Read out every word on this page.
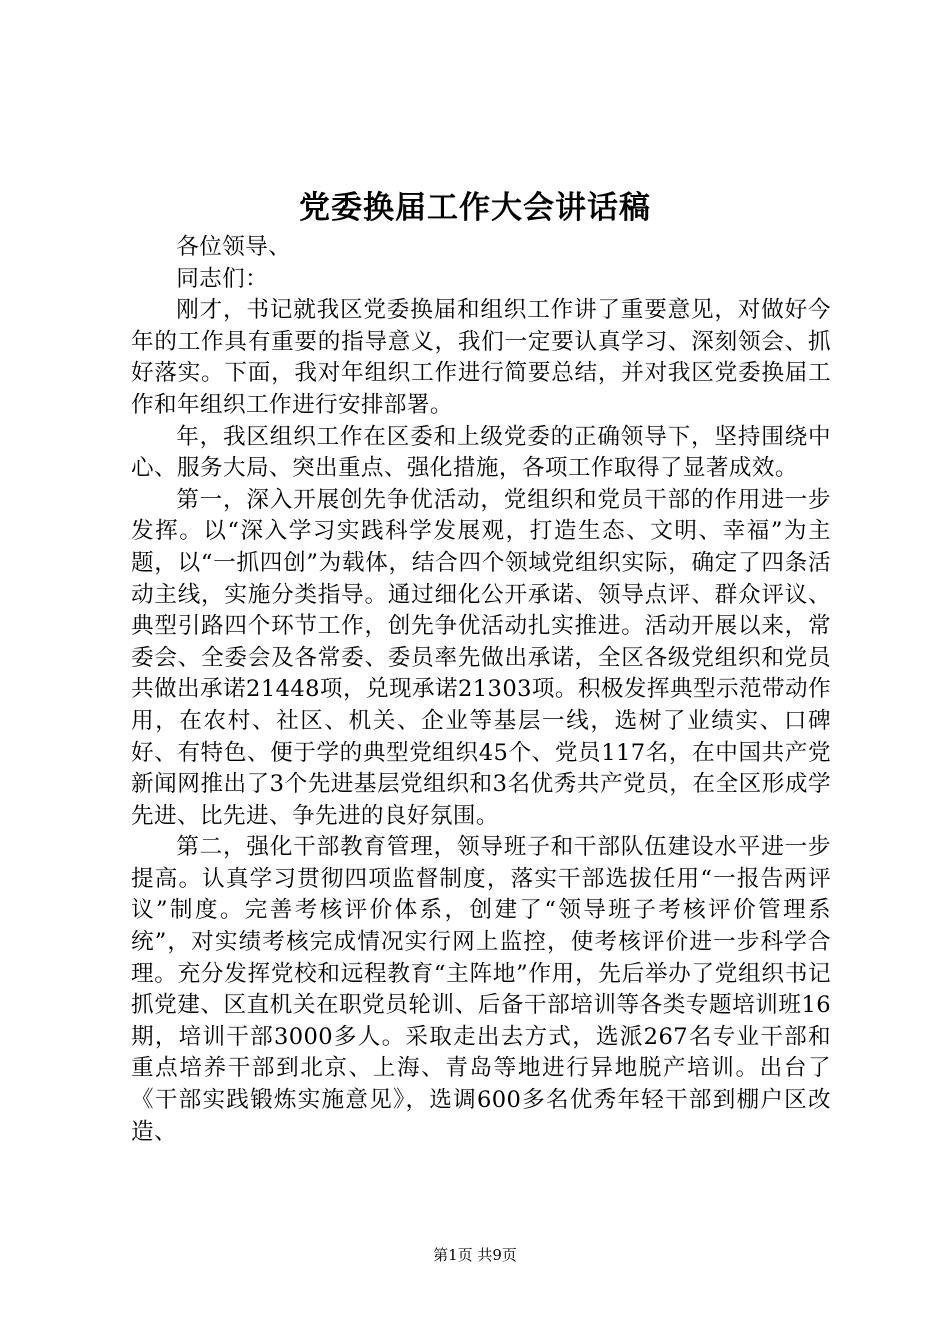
党委换届工作大会讲话稿

各位领导、

同志们：

刚才，书记就我区党委换届和组织工作讲了重要意见，对做好今年的工作具有重要的指导意义，我们一定要认真学习、深刻领会、抓好落实。下面，我对年组织工作进行简要总结，并对我区党委换届工作和年组织工作进行安排部署。

年，我区组织工作在区委和上级党委的正确领导下，坚持围绕中心、服务大局、突出重点、强化措施，各项工作取得了显著成效。

第一，深入开展创先争优活动，党组织和党员干部的作用进一步发挥。以“深入学习实践科学发展观，打造生态、文明、幸福”为主题，以“一抓四创”为载体，结合四个领域党组织实际，确定了四条活动主线，实施分类指导。通过细化公开承诺、领导点评、群众评议、典型引路四个环节工作，创先争优活动扎实推进。活动开展以来，常委会、全委会及各常委、委员率先做出承诺，全区各级党组织和党员共做出承诺21448项，兑现承诺21303项。积极发挥典型示范带动作用，在农村、社区、机关、企业等基层一线，选树了业绩实、口碑好、有特色、便于学的典型党组织45个、党员117名，在中国共产党新闻网推出了3个先进基层党组织和3名优秀共产党员，在全区形成学先进、比先进、争先进的良好氛围。

第二，强化干部教育管理，领导班子和干部队伍建设水平进一步提高。认真学习贯彻四项监督制度，落实干部选拔任用“一报告两评议”制度。完善考核评价体系，创建了“领导班子考核评价管理系统”，对实绩考核完成情况实行网上监控，使考核评价进一步科学合理。充分发挥党校和远程教育“主阵地”作用，先后举办了党组织书记抓党建、区直机关在职党员轮训、后备干部培训等各类专题培训班16期，培训干部3000多人。采取走出去方式，选派267名专业干部和重点培养干部到北京、上海、青岛等地进行异地脱产培训。出台了《干部实践锻炼实施意见》，选调600多名优秀年轻干部到棚户区改造、

第1页 共9页
